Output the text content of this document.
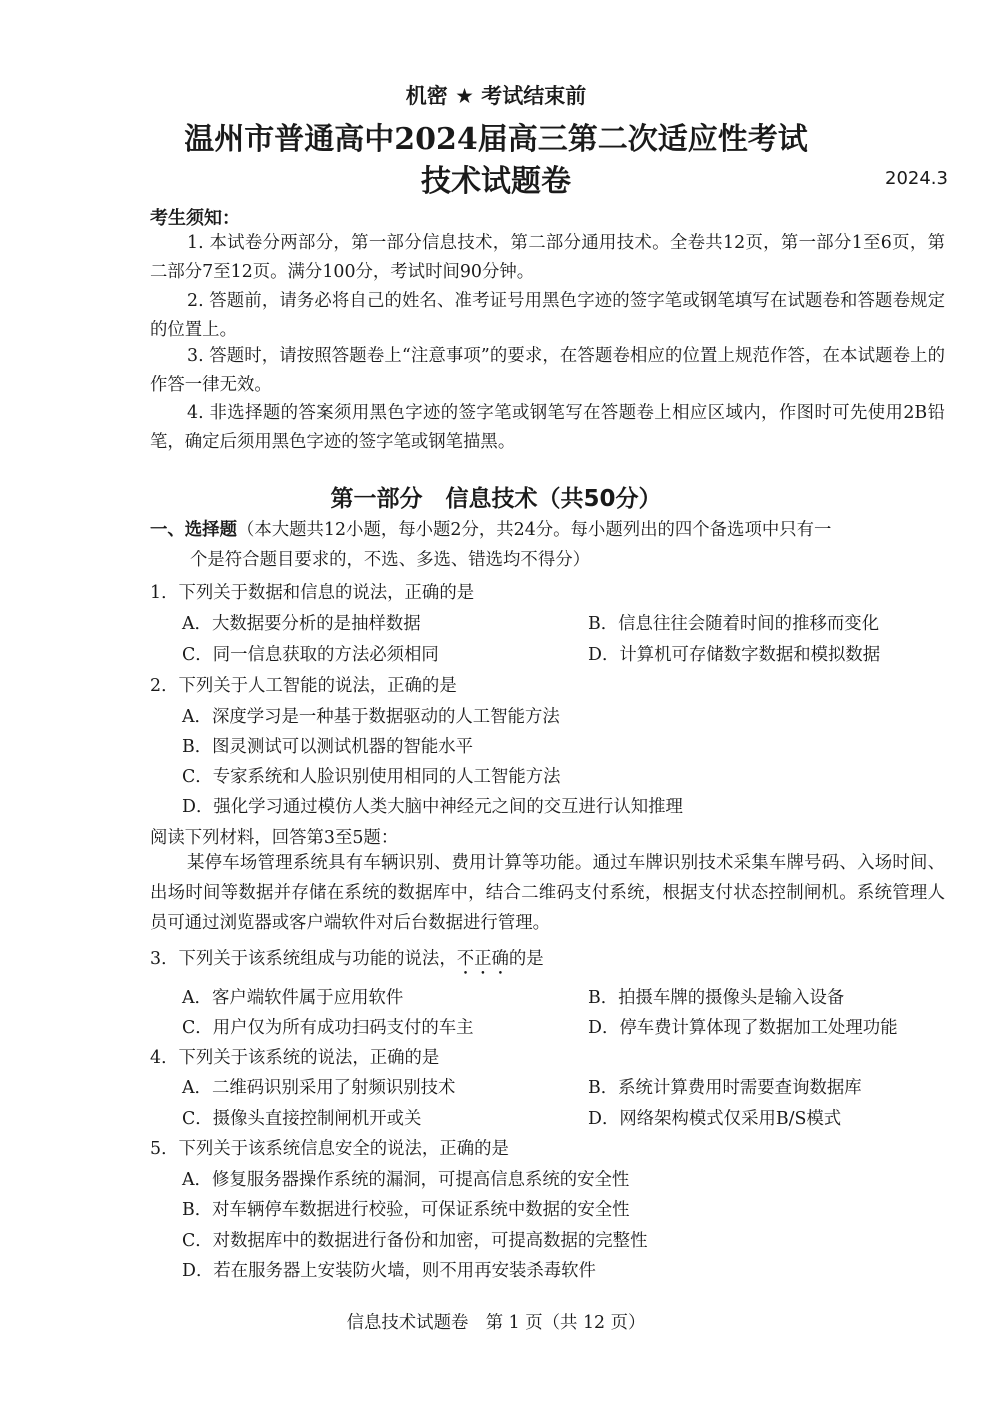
机密 ★ 考试结束前
温州市普通高中2024届高三第二次适应性考试
技术试题卷	2024.3
考生须知：
1. 本试卷分两部分，第一部分信息技术，第二部分通用技术。全卷共12页，第一部分1至6页，第二部分7至12页。满分100分，考试时间90分钟。
2. 答题前，请务必将自己的姓名、准考证号用黑色字迹的签字笔或钢笔填写在试题卷和答题卷规定的位置上。
3. 答题时，请按照答题卷上“注意事项”的要求，在答题卷相应的位置上规范作答，在本试题卷上的作答一律无效。
4. 非选择题的答案须用黑色字迹的签字笔或钢笔写在答题卷上相应区域内，作图时可先使用2B铅笔，确定后须用黑色字迹的签字笔或钢笔描黑。
第一部分　信息技术（共50分）
一、选择题（本大题共12小题，每小题2分，共24分。每小题列出的四个备选项中只有一
个是符合题目要求的，不选、多选、错选均不得分）
1．下列关于数据和信息的说法，正确的是
A．大数据要分析的是抽样数据	B．信息往往会随着时间的推移而变化
C．同一信息获取的方法必须相同	D．计算机可存储数字数据和模拟数据
2．下列关于人工智能的说法，正确的是
A．深度学习是一种基于数据驱动的人工智能方法
B．图灵测试可以测试机器的智能水平
C．专家系统和人脸识别使用相同的人工智能方法
D．强化学习通过模仿人类大脑中神经元之间的交互进行认知推理
阅读下列材料，回答第3至5题：
某停车场管理系统具有车辆识别、费用计算等功能。通过车牌识别技术采集车牌号码、入场时间、出场时间等数据并存储在系统的数据库中，结合二维码支付系统，根据支付状态控制闸机。系统管理人员可通过浏览器或客户端软件对后台数据进行管理。
3．下列关于该系统组成与功能的说法，不正确的是
A．客户端软件属于应用软件	B．拍摄车牌的摄像头是输入设备
C．用户仅为所有成功扫码支付的车主	D．停车费计算体现了数据加工处理功能
4．下列关于该系统的说法，正确的是
A．二维码识别采用了射频识别技术	B．系统计算费用时需要查询数据库
C．摄像头直接控制闸机开或关	D．网络架构模式仅采用B/S模式
5．下列关于该系统信息安全的说法，正确的是
A．修复服务器操作系统的漏洞，可提高信息系统的安全性
B．对车辆停车数据进行校验，可保证系统中数据的安全性
C．对数据库中的数据进行备份和加密，可提高数据的完整性
D．若在服务器上安装防火墙，则不用再安装杀毒软件
信息技术试题卷　第 1 页（共 12 页）
